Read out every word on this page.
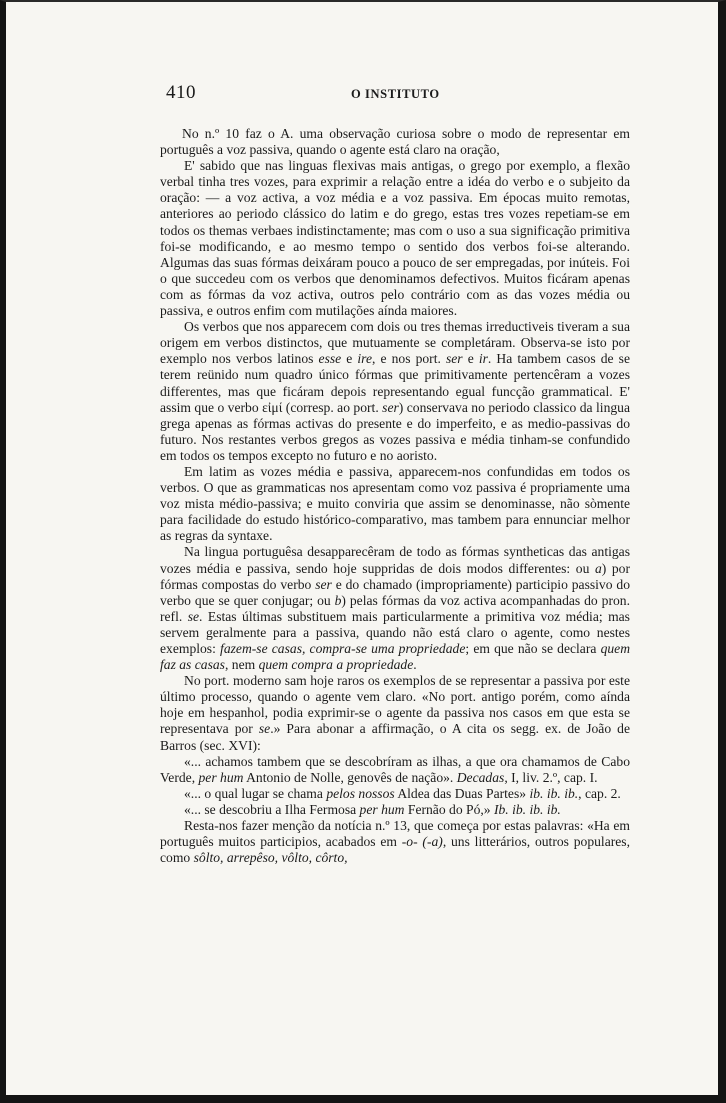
410	O INSTITUTO

No n.º 10 faz o A. uma observação curiosa sobre o modo de representar em português a voz passiva, quando o agente está claro na oração,

E' sabido que nas linguas flexivas mais antigas, o grego por exemplo, a flexão verbal tinha tres vozes, para exprimir a relação entre a idéa do verbo e o subjeito da oração: — a voz activa, a voz média e a voz passiva. Em épocas muito remotas, anteriores ao periodo clássico do latim e do grego, estas tres vozes repetiam-se em todos os themas verbaes indistinctamente; mas com o uso a sua significação primitiva foi-se modificando, e ao mesmo tempo o sentido dos verbos foi-se alterando. Algumas das suas fórmas deixáram pouco a pouco de ser empregadas, por inúteis. Foi o que succedeu com os verbos que denominamos defectivos. Muitos ficáram apenas com as fórmas da voz activa, outros pelo contrário com as das vozes média ou passiva, e outros enfim com mutilações aínda maiores.

Os verbos que nos apparecem com dois ou tres themas irreductiveis tiveram a sua origem em verbos distinctos, que mutuamente se completáram. Observa-se isto por exemplo nos verbos latinos esse e ire, e nos port. ser e ir. Ha tambem casos de se terem reünido num quadro único fórmas que primitivamente pertencêram a vozes differentes, mas que ficáram depois representando egual funcção grammatical. E' assim que o verbo εἰμί (corresp. ao port. ser) conservava no periodo classico da lingua grega apenas as fórmas activas do presente e do imperfeito, e as medio-passivas do futuro. Nos restantes verbos gregos as vozes passiva e média tinham-se confundido em todos os tempos excepto no futuro e no aoristo.

Em latim as vozes média e passiva, apparecem-nos confundidas em todos os verbos. O que as grammaticas nos apresentam como voz passiva é propriamente uma voz mista médio-passiva; e muito conviria que assim se denominasse, não sòmente para facilidade do estudo histórico-comparativo, mas tambem para ennunciar melhor as regras da syntaxe.

Na lingua portuguêsa desapparecêram de todo as fórmas syntheticas das antigas vozes média e passiva, sendo hoje suppridas de dois modos differentes: ou a) por fórmas compostas do verbo ser e do chamado (impropriamente) participio passivo do verbo que se quer conjugar; ou b) pelas fórmas da voz activa acompanhadas do pron. refl. se. Estas últimas substituem mais particularmente a primitiva voz média; mas servem geralmente para a passiva, quando não está claro o agente, como nestes exemplos: fazem-se casas, compra-se uma propriedade; em que não se declara quem faz as casas, nem quem compra a propriedade.

No port. moderno sam hoje raros os exemplos de se representar a passiva por este último processo, quando o agente vem claro. «No port. antigo porém, como aínda hoje em hespanhol, podia exprimir-se o agente da passiva nos casos em que esta se representava por se.» Para abonar a affirmação, o A cita os segg. ex. de João de Barros (sec. XVI):

«... achamos tambem que se descobríram as ilhas, a que ora chamamos de Cabo Verde, per hum Antonio de Nolle, genovês de nação». Decadas, I, liv. 2.º, cap. I.

«... o qual lugar se chama pelos nossos Aldea das Duas Partes» ib. ib. ib., cap. 2.

«... se descobriu a Ilha Fermosa per hum Fernão do Pó,» Ib. ib. ib. ib.

Resta-nos fazer menção da notícia n.º 13, que começa por estas palavras: «Ha em português muitos participios, acabados em -o- (-a), uns litterários, outros populares, como sôlto, arrepêso, vôlto, côrto,
